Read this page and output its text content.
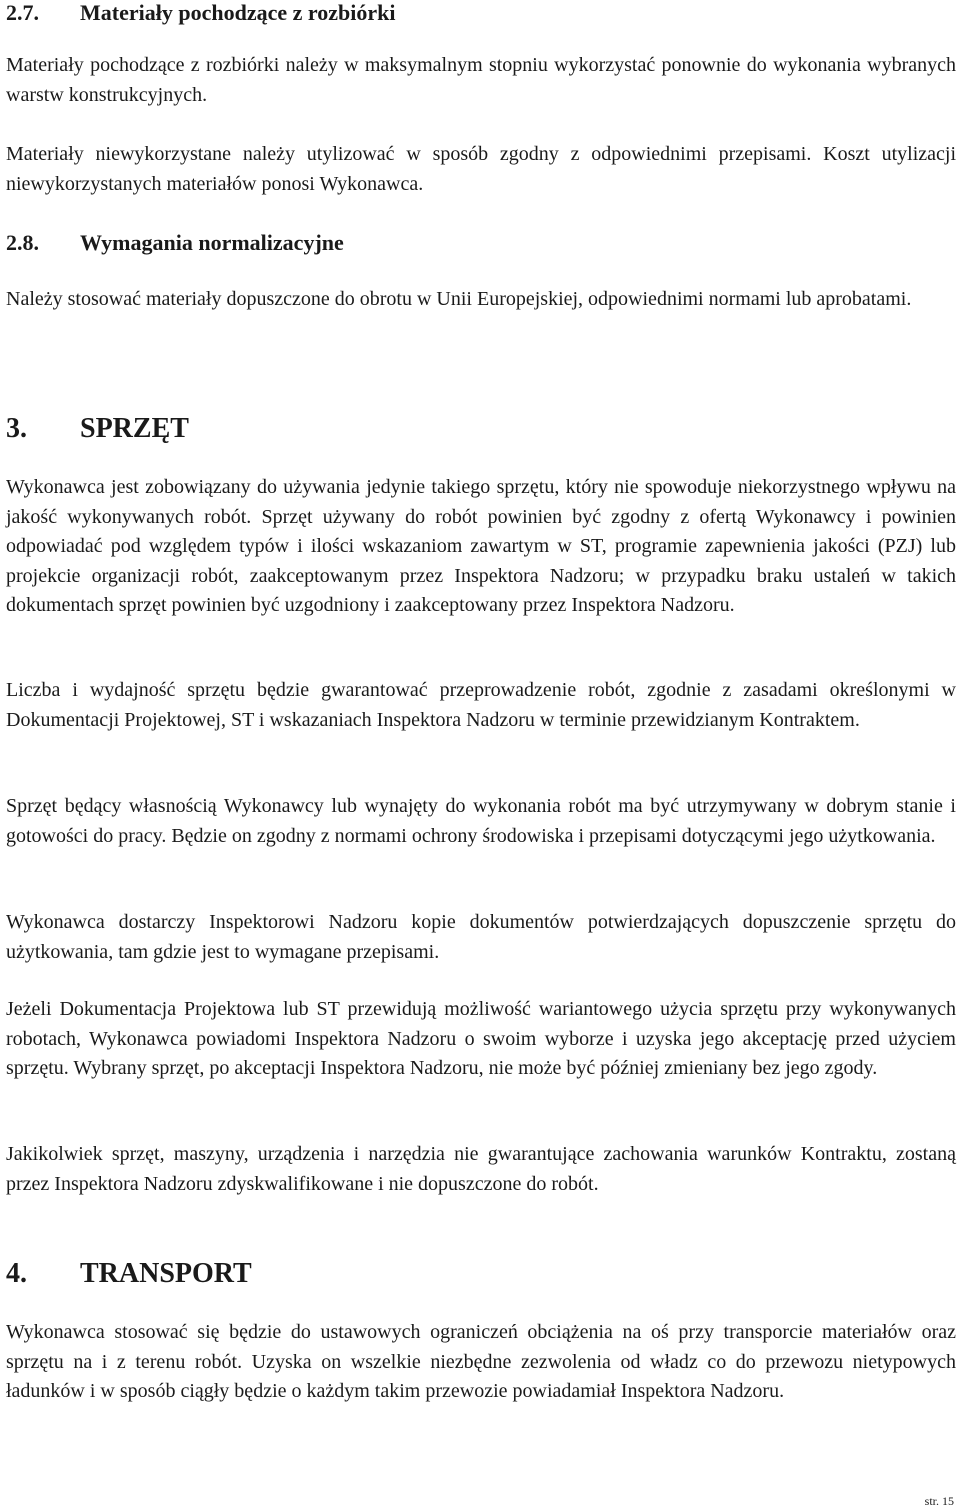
2.7. Materiały pochodzące z rozbiórki

Materiały pochodzące z rozbiórki należy w maksymalnym stopniu wykorzystać ponownie do wykonania wybranych warstw konstrukcyjnych.

Materiały niewykorzystane należy utylizować w sposób zgodny z odpowiednimi przepisami. Koszt utylizacji niewykorzystanych materiałów ponosi Wykonawca.

2.8. Wymagania normalizacyjne

Należy stosować materiały dopuszczone do obrotu w Unii Europejskiej, odpowiednimi normami lub aprobatami.

3. SPRZĘT

Wykonawca jest zobowiązany do używania jedynie takiego sprzętu, który nie spowoduje niekorzystnego wpływu na jakość wykonywanych robót. Sprzęt używany do robót powinien być zgodny z ofertą Wykonawcy i powinien odpowiadać pod względem typów i ilości wskazaniom zawartym w ST, programie zapewnienia jakości (PZJ) lub projekcie organizacji robót, zaakceptowanym przez Inspektora Nadzoru; w przypadku braku ustaleń w takich dokumentach sprzęt powinien być uzgodniony i zaakceptowany przez Inspektora Nadzoru.

Liczba i wydajność sprzętu będzie gwarantować przeprowadzenie robót, zgodnie z zasadami określonymi w Dokumentacji Projektowej, ST i wskazaniach Inspektora Nadzoru w terminie przewidzianym Kontraktem.

Sprzęt będący własnością Wykonawcy lub wynajęty do wykonania robót ma być utrzymywany w dobrym stanie i gotowości do pracy. Będzie on zgodny z normami ochrony środowiska i przepisami dotyczącymi jego użytkowania.

Wykonawca dostarczy Inspektorowi Nadzoru kopie dokumentów potwierdzających dopuszczenie sprzętu do użytkowania, tam gdzie jest to wymagane przepisami.

Jeżeli Dokumentacja Projektowa lub ST przewidują możliwość wariantowego użycia sprzętu przy wykonywanych robotach, Wykonawca powiadomi Inspektora Nadzoru o swoim wyborze i uzyska jego akceptację przed użyciem sprzętu. Wybrany sprzęt, po akceptacji Inspektora Nadzoru, nie może być później zmieniany bez jego zgody.

Jakikolwiek sprzęt, maszyny, urządzenia i narzędzia nie gwarantujące zachowania warunków Kontraktu, zostaną przez Inspektora Nadzoru zdyskwalifikowane i nie dopuszczone do robót.

4. TRANSPORT

Wykonawca stosować się będzie do ustawowych ograniczeń obciążenia na oś przy transporcie materiałów oraz sprzętu na i z terenu robót. Uzyska on wszelkie niezbędne zezwolenia od władz co do przewozu nietypowych ładunków i w sposób ciągły będzie o każdym takim przewozie powiadamiał Inspektora Nadzoru.

str. 15
